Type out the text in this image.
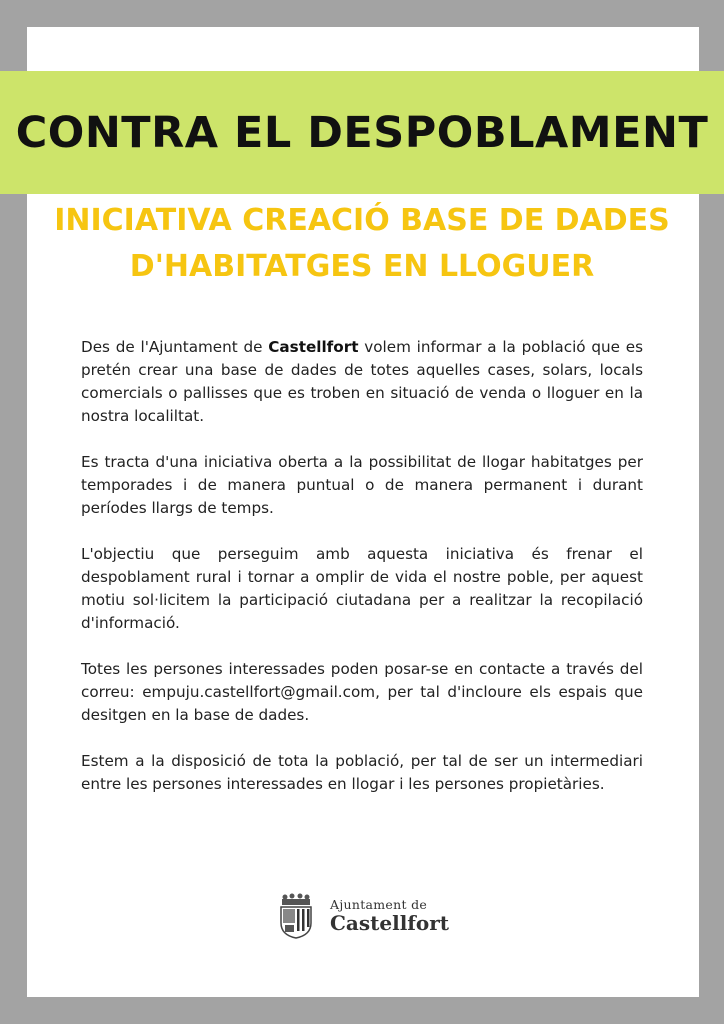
CONTRA EL DESPOBLAMENT
INICIATIVA CREACIÓ BASE DE DADES
D'HABITATGES EN LLOGUER

Des de l'Ajuntament de Castellfort volem informar a la població que es pretén crear una base de dades de totes aquelles cases, solars, locals comercials o pallisses que es troben en situació de venda o lloguer en la nostra localiltat.

Es tracta d'una iniciativa oberta a la possibilitat de llogar habitatges per temporades i de manera puntual o de manera permanent i durant períodes llargs de temps.

L'objectiu que perseguim amb aquesta iniciativa és frenar el despoblament rural i tornar a omplir de vida el nostre poble, per aquest motiu sol·licitem la participació ciutadana per a realitzar la recopilació d'informació.

Totes les persones interessades poden posar-se en contacte a través del correu: empuju.castellfort@gmail.com, per tal d'incloure els espais que desitgen en la base de dades.

Estem a la disposició de tota la població, per tal de ser un intermediari entre les persones interessades en llogar i les persones propietàries.

Ajuntament de
Castellfort
